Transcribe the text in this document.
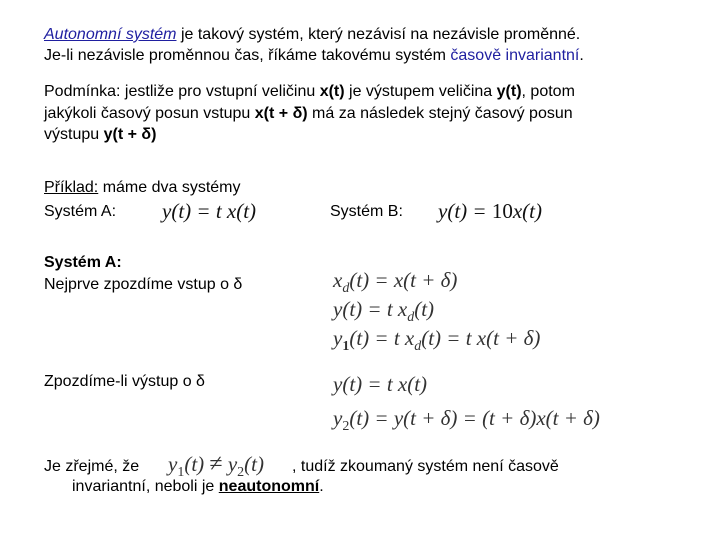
Autonomní systém je takový systém, který nezávisí na nezávisle proměnné.
Je-li nezávisle proměnnou čas, říkáme takovému systém časově invariantní.
Podmínka: jestliže pro vstupní veličinu x(t) je výstupem veličina y(t), potom
jakýkoli časový posun vstupu x(t + δ) má za následek stejný časový posun
výstupu y(t + δ)
Příklad: máme dva systémy
Systém A: y(t) = t x(t)	Systém B: y(t) = 10x(t)
Systém A:
Nejprve zpozdíme vstup o δ	$x_d(t) = x(t + \delta)$
y(t) = t $x_d(t)$
$y_1(t) = t$ $x_d(t) = t$ x(t + δ)
Zpozdíme-li výstup o δ	y(t) = t x(t)
$y_2(t) = y(t + \delta) = (t + \delta)x(t + \delta)$
Je zřejmé, že $y_1(t) \ne y_2(t)$ , tudíž zkoumaný systém není časově
invariantní, neboli je neautonomní.
